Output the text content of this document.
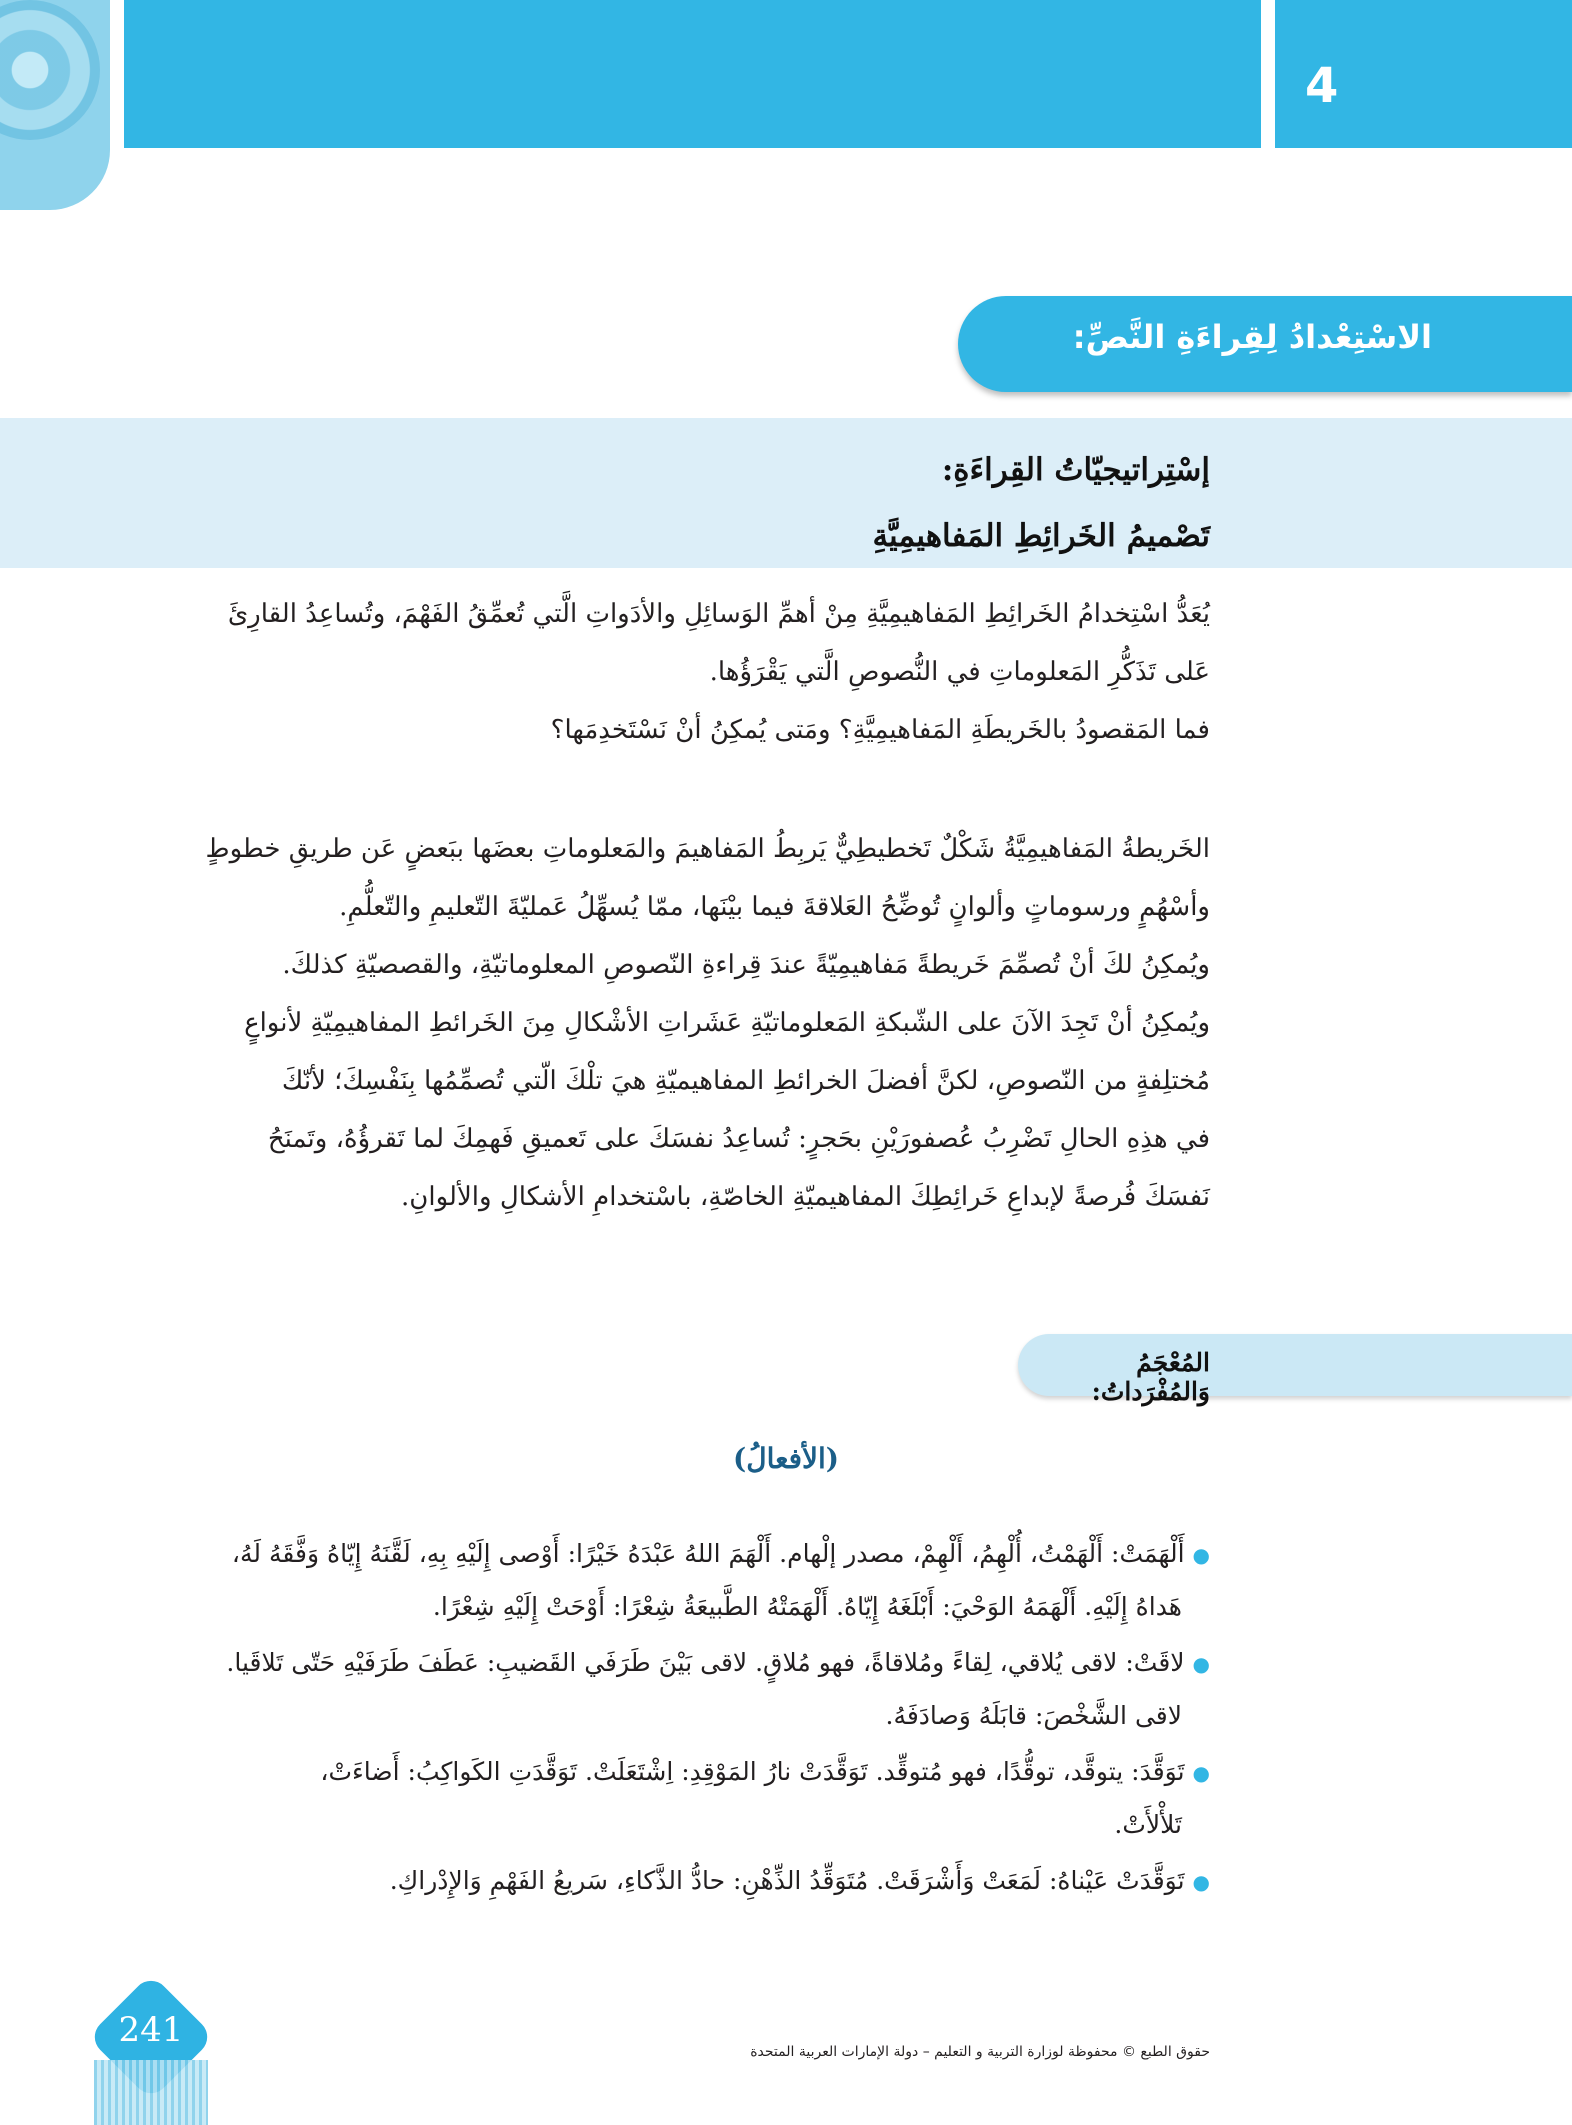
4
الاسْتِعْدادُ لِقِراءَةِ النَّصِّ:
إسْتِراتيجيّاتُ القِراءَةِ:
تَصْميمُ الخَرائِطِ المَفاهيمِيَّةِ
يُعَدُّ اسْتِخدامُ الخَرائِطِ المَفاهيمِيَّةِ مِنْ أهمِّ الوَسائِلِ والأدَواتِ الَّتي تُعمِّقُ الفَهْمَ، وتُساعِدُ القارِئَ
عَلى تَذَكُّرِ المَعلوماتِ في النُّصوصِ الَّتي يَقْرَؤُها.
فما المَقصودُ بالخَريطَةِ المَفاهيمِيَّةِ؟ ومَتى يُمكِنُ أنْ نَسْتَخدِمَها؟
الخَريطةُ المَفاهيمِيَّةُ شَكْلٌ تَخطيطِيٌّ يَربِطُ المَفاهيمَ والمَعلوماتِ بعضَها ببَعضٍ عَن طريقِ خطوطٍ
وأسْهُمٍ ورسوماتٍ وألوانٍ تُوضِّحُ العَلاقةَ فيما بيْنَها، ممّا يُسهِّلُ عَمليّةَ التّعليمِ والتّعلُّمِ.
ويُمكِنُ لكَ أنْ تُصمِّمَ خَريطةً مَفاهيمِيّةً عندَ قِراءةِ النّصوصِ المعلوماتيّةِ، والقصصيّةِ كذلكَ.
ويُمكِنُ أنْ تَجِدَ الآنَ على الشّبكةِ المَعلوماتيّةِ عَشَراتِ الأشْكالِ مِنَ الخَرائطِ المفاهيمِيّةِ لأنواعٍ
مُختلِفةٍ من النّصوصِ، لكنَّ أفضلَ الخرائطِ المفاهيميّةِ هيَ تلْكَ الّتي تُصمِّمُها بِنَفْسِكَ؛ لأنّكَ
في هذِهِ الحالِ تَضْرِبُ عُصفورَيْنِ بحَجرٍ: تُساعِدُ نفسَكَ على تَعميقِ فَهمِكَ لما تَقرؤُهُ، وتَمنَحُ
نَفسَكَ فُرصةً لإبداعِ خَرائِطِكَ المفاهيميّةِ الخاصّةِ، باسْتخدامِ الأشكالِ والألوانِ.
المُعْجَمُ وَالمُفْرَداتُ:
(الأفعالُ)
●أَلْهَمَتْ: أَلْهَمْتُ، أُلْهِمُ، أَلْهِمْ، مصدر إلْهام. أَلْهَمَ اللهُ عَبْدَهُ خَيْرًا: أَوْصى إِلَيْهِ بِهِ، لَقَّنَهُ إِيّاهُ وَفَّقَهُ لَهُ،
هَداهُ إِلَيْهِ. أَلْهَمَهُ الوَحْيَ: أَبْلَغَهُ إِيّاهُ. أَلْهَمَتْهُ الطَّبيعَةُ شِعْرًا: أَوْحَتْ إِلَيْهِ شِعْرًا.
●لاقَتْ: لاقى يُلاقي، لِقاءً ومُلاقاةً، فهو مُلاقٍ. لاقى بَيْنَ طَرَفَي القَضيبِ: عَطَفَ طَرَفَيْهِ حَتّى تَلاقَيا.
لاقى الشَّخْصَ: قابَلَهُ وَصادَفَهُ.
●تَوَقَّدَ: يتوقَّد، توقُّدًا، فهو مُتوقِّد. تَوَقَّدَتْ نارُ المَوْقِدِ: اِشْتَعَلَتْ. تَوَقَّدَتِ الكَواكِبُ: أَضاءَتْ،
تَلأْلأَتْ.
●تَوَقَّدَتْ عَيْناهُ: لَمَعَتْ وَأَشْرَقَتْ. مُتَوَقِّدُ الذِّهْنِ: حادُّ الذَّكاءِ، سَريعُ الفَهْمِ وَالإِدْراكِ.
241
حقوق الطبع © محفوظة لوزارة التربية و التعليم – دولة الإمارات العربية المتحدة
